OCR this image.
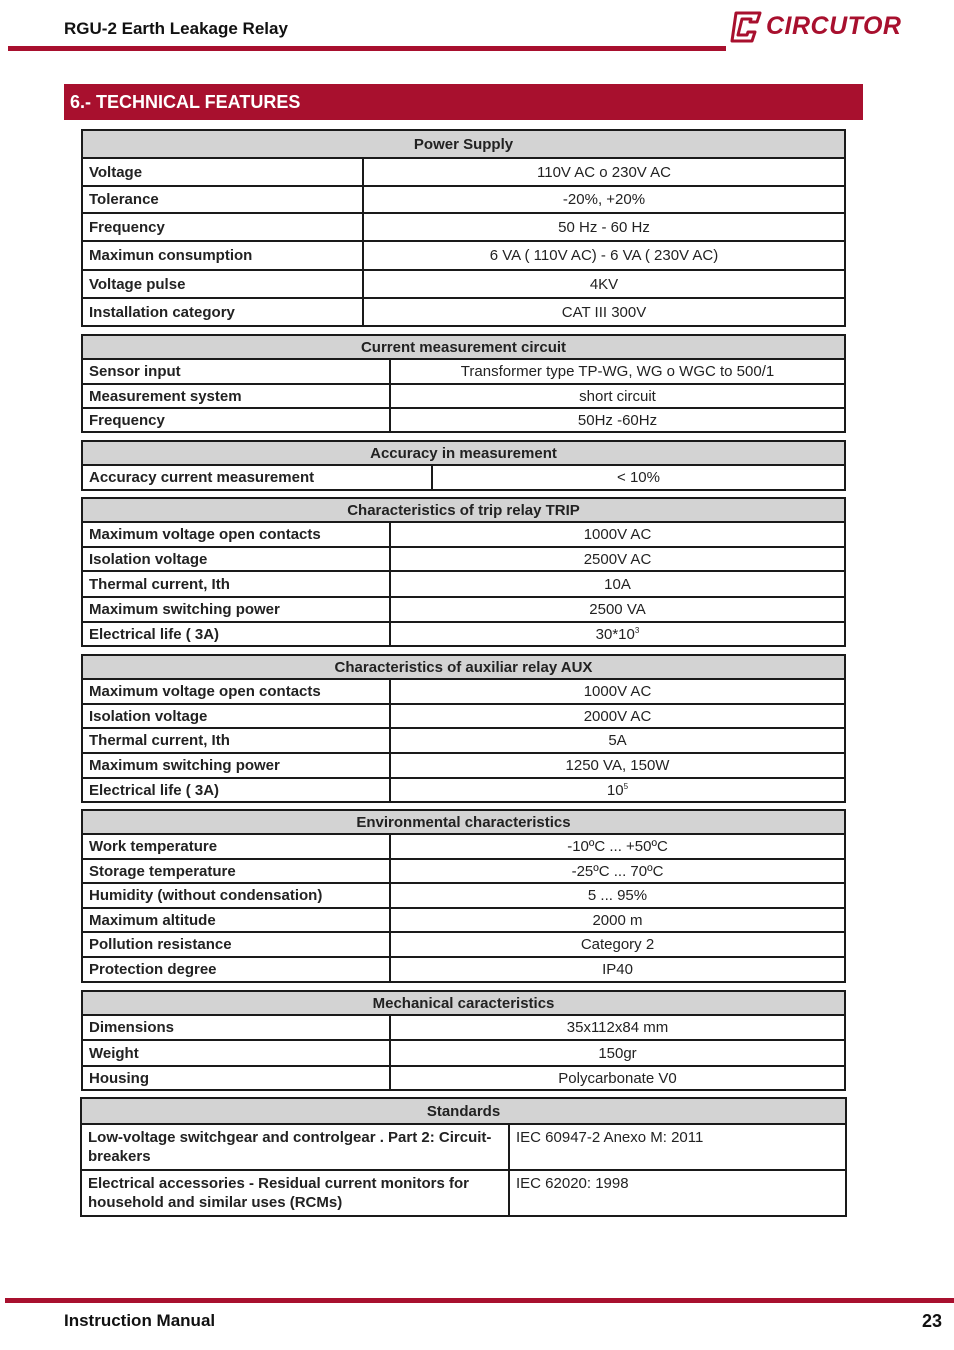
RGU-2 Earth Leakage Relay	CIRCUTOR
6.- TECHNICAL FEATURES
Power Supply	
Voltage	110V AC o 230V AC
Tolerance	-20%, +20%
Frequency	50 Hz - 60 Hz
Maximun consumption	6 VA ( 110V AC) - 6 VA ( 230V AC)
Voltage pulse	4KV
Installation category	CAT III 300V
Current measurement circuit	
Sensor input	Transformer type TP-WG, WG o WGC to 500/1
Measurement system	short circuit
Frequency	50Hz -60Hz
Accuracy in measurement
Accuracy current measurement	< 10%
Characteristics of trip relay TRIP	
Maximum voltage open contacts	1000V AC
Isolation voltage	2500V AC
Thermal current, Ith	10A
Maximum switching power	2500 VA
Electrical life ( 3A)	$30*10^3$
Characteristics of auxiliar relay AUX	
Maximum voltage open contacts	1000V AC
Isolation voltage	2000V AC
Thermal current, Ith	5A
Maximum switching power	1250 VA, 150W
Electrical life ( 3A)	$10^5$
Environmental characteristics	
Work temperature	-10ºC ... +50ºC
Storage temperature	-25ºC ... 70ºC
Humidity (without condensation)	5 ... 95%
Maximum altitude	2000 m
Pollution resistance	Category 2
Protection degree	IP40
Mechanical caracteristics	
Dimensions	35x112x84 mm
Weight	150gr
Housing	Polycarbonate V0
Standards	
Low-voltage switchgear and controlgear . Part 2: Circuit-breakers	IEC 60947-2 Anexo M: 2011
Electrical accessories - Residual current monitors for household and similar uses (RCMs)	IEC 62020: 1998
Instruction Manual	23
